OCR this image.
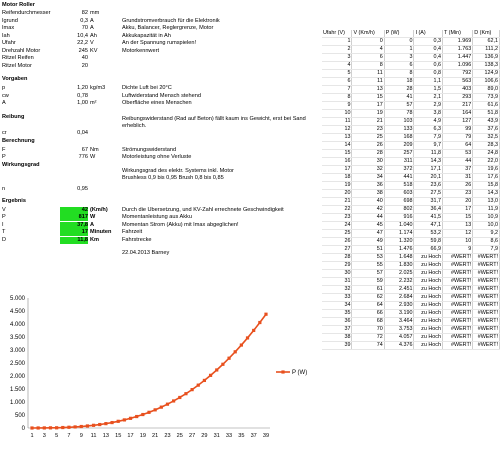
Motor Roller
Reifendurchmesser	82 mm
Igrund	0,3 A	Grundstromverbrauch für die Elektronik
Imax	70 A	Akku, Balancer, Reglergrenze, Motor
Iah	10,4 Ah	Akkukapazität in Ah
Ufahr	22,2 V	An der Spannung rumspielen!
Drehzahl Motor	245 KV	Motorkennwert
Ritzel Reifen	40
Ritzel Motor	20
Vorgaben
p	1,20 kg/m3	Dichte Luft bei 20°C
cw	0,78	Luftwiderstand Mensch stehend
A	1,00 m²	Oberfläche eines Menschen
Reibung	Reibungswiderstand (Rad auf Beton) fällt kaum ins Gewicht, erst bei Sand erheblich.
cr	0,04
Berechnung
F	67 Nm	Strömungswiderstand
P	776 W	Motorleistung ohne Verluste
Wirkungsgrad
Wirkungsgrad des elektr. Systems inkl. Motor Brushless 0,9 bis 0,95 Brush 0,8 bis 0,85
n	0,95
Ergebnis
V	42 (Km/h)	Durch die Übersetzung, und KV-Zahl errechnete Geschwindigkeit
P	817 W	Momentanleistung aus Akku
I	37,8 A	Momentan Strom (Akku) mit Imax abgeglichen!
T	17 Minuten	Fahrzeit
D	11,8 Km	Fahrstrecke
22.04.2013 Barney
Ufahr (V)	V (Km/h)	P (W)	I (A)	T (Min)	D (Km)
1	0	0	0,3	1.969	62,1
2	4	1	0,4	1.763	111,2
3	6	3	0,4	1.447	136,9
4	8	6	0,6	1.096	138,3
5	11	8	0,8	792	124,9
6	11	18	1,1	563	106,6
7	13	28	1,5	403	89,0
8	15	41	2,1	293	73,9
9	17	57	2,9	217	61,6
10	19	78	3,8	164	51,8
11	21	103	4,9	127	43,9
12	23	133	6,3	99	37,6
13	25	168	7,9	79	32,5
14	26	209	9,7	64	28,3
15	28	257	11,8	53	24,8
16	30	311	14,3	44	22,0
17	32	372	17,1	37	19,6
18	34	441	20,1	31	17,6
19	36	518	23,6	26	15,8
20	38	603	27,5	23	14,3
21	40	698	31,7	20	13,0
22	42	802	36,4	17	11,9
23	44	916	41,5	15	10,9
24	45	1.040	47,1	13	10,0
25	47	1.174	53,2	12	9,2
26	49	1.320	59,8	10	8,6
27	51	1.476	66,9	9	7,9
28	53	1.648	zu Hoch	#WERT!	#WERT!
29	55	1.830	zu Hoch	#WERT!	#WERT!
30	57	2.025	zu Hoch	#WERT!	#WERT!
31	59	2.232	zu Hoch	#WERT!	#WERT!
32	61	2.451	zu Hoch	#WERT!	#WERT!
33	62	2.684	zu Hoch	#WERT!	#WERT!
34	64	2.930	zu Hoch	#WERT!	#WERT!
35	66	3.190	zu Hoch	#WERT!	#WERT!
36	68	3.464	zu Hoch	#WERT!	#WERT!
37	70	3.753	zu Hoch	#WERT!	#WERT!
38	72	4.057	zu Hoch	#WERT!	#WERT!
39	74	4.376	zu Hoch	#WERT!	#WERT!
0
500
1.000
1.500
2.000
2.500
3.000
3.500
4.000
4.500
5.000
1 3 5 7 9 11 13 15 17 19 21 23 25 27 29 31 33 35 37 39
P (W)
